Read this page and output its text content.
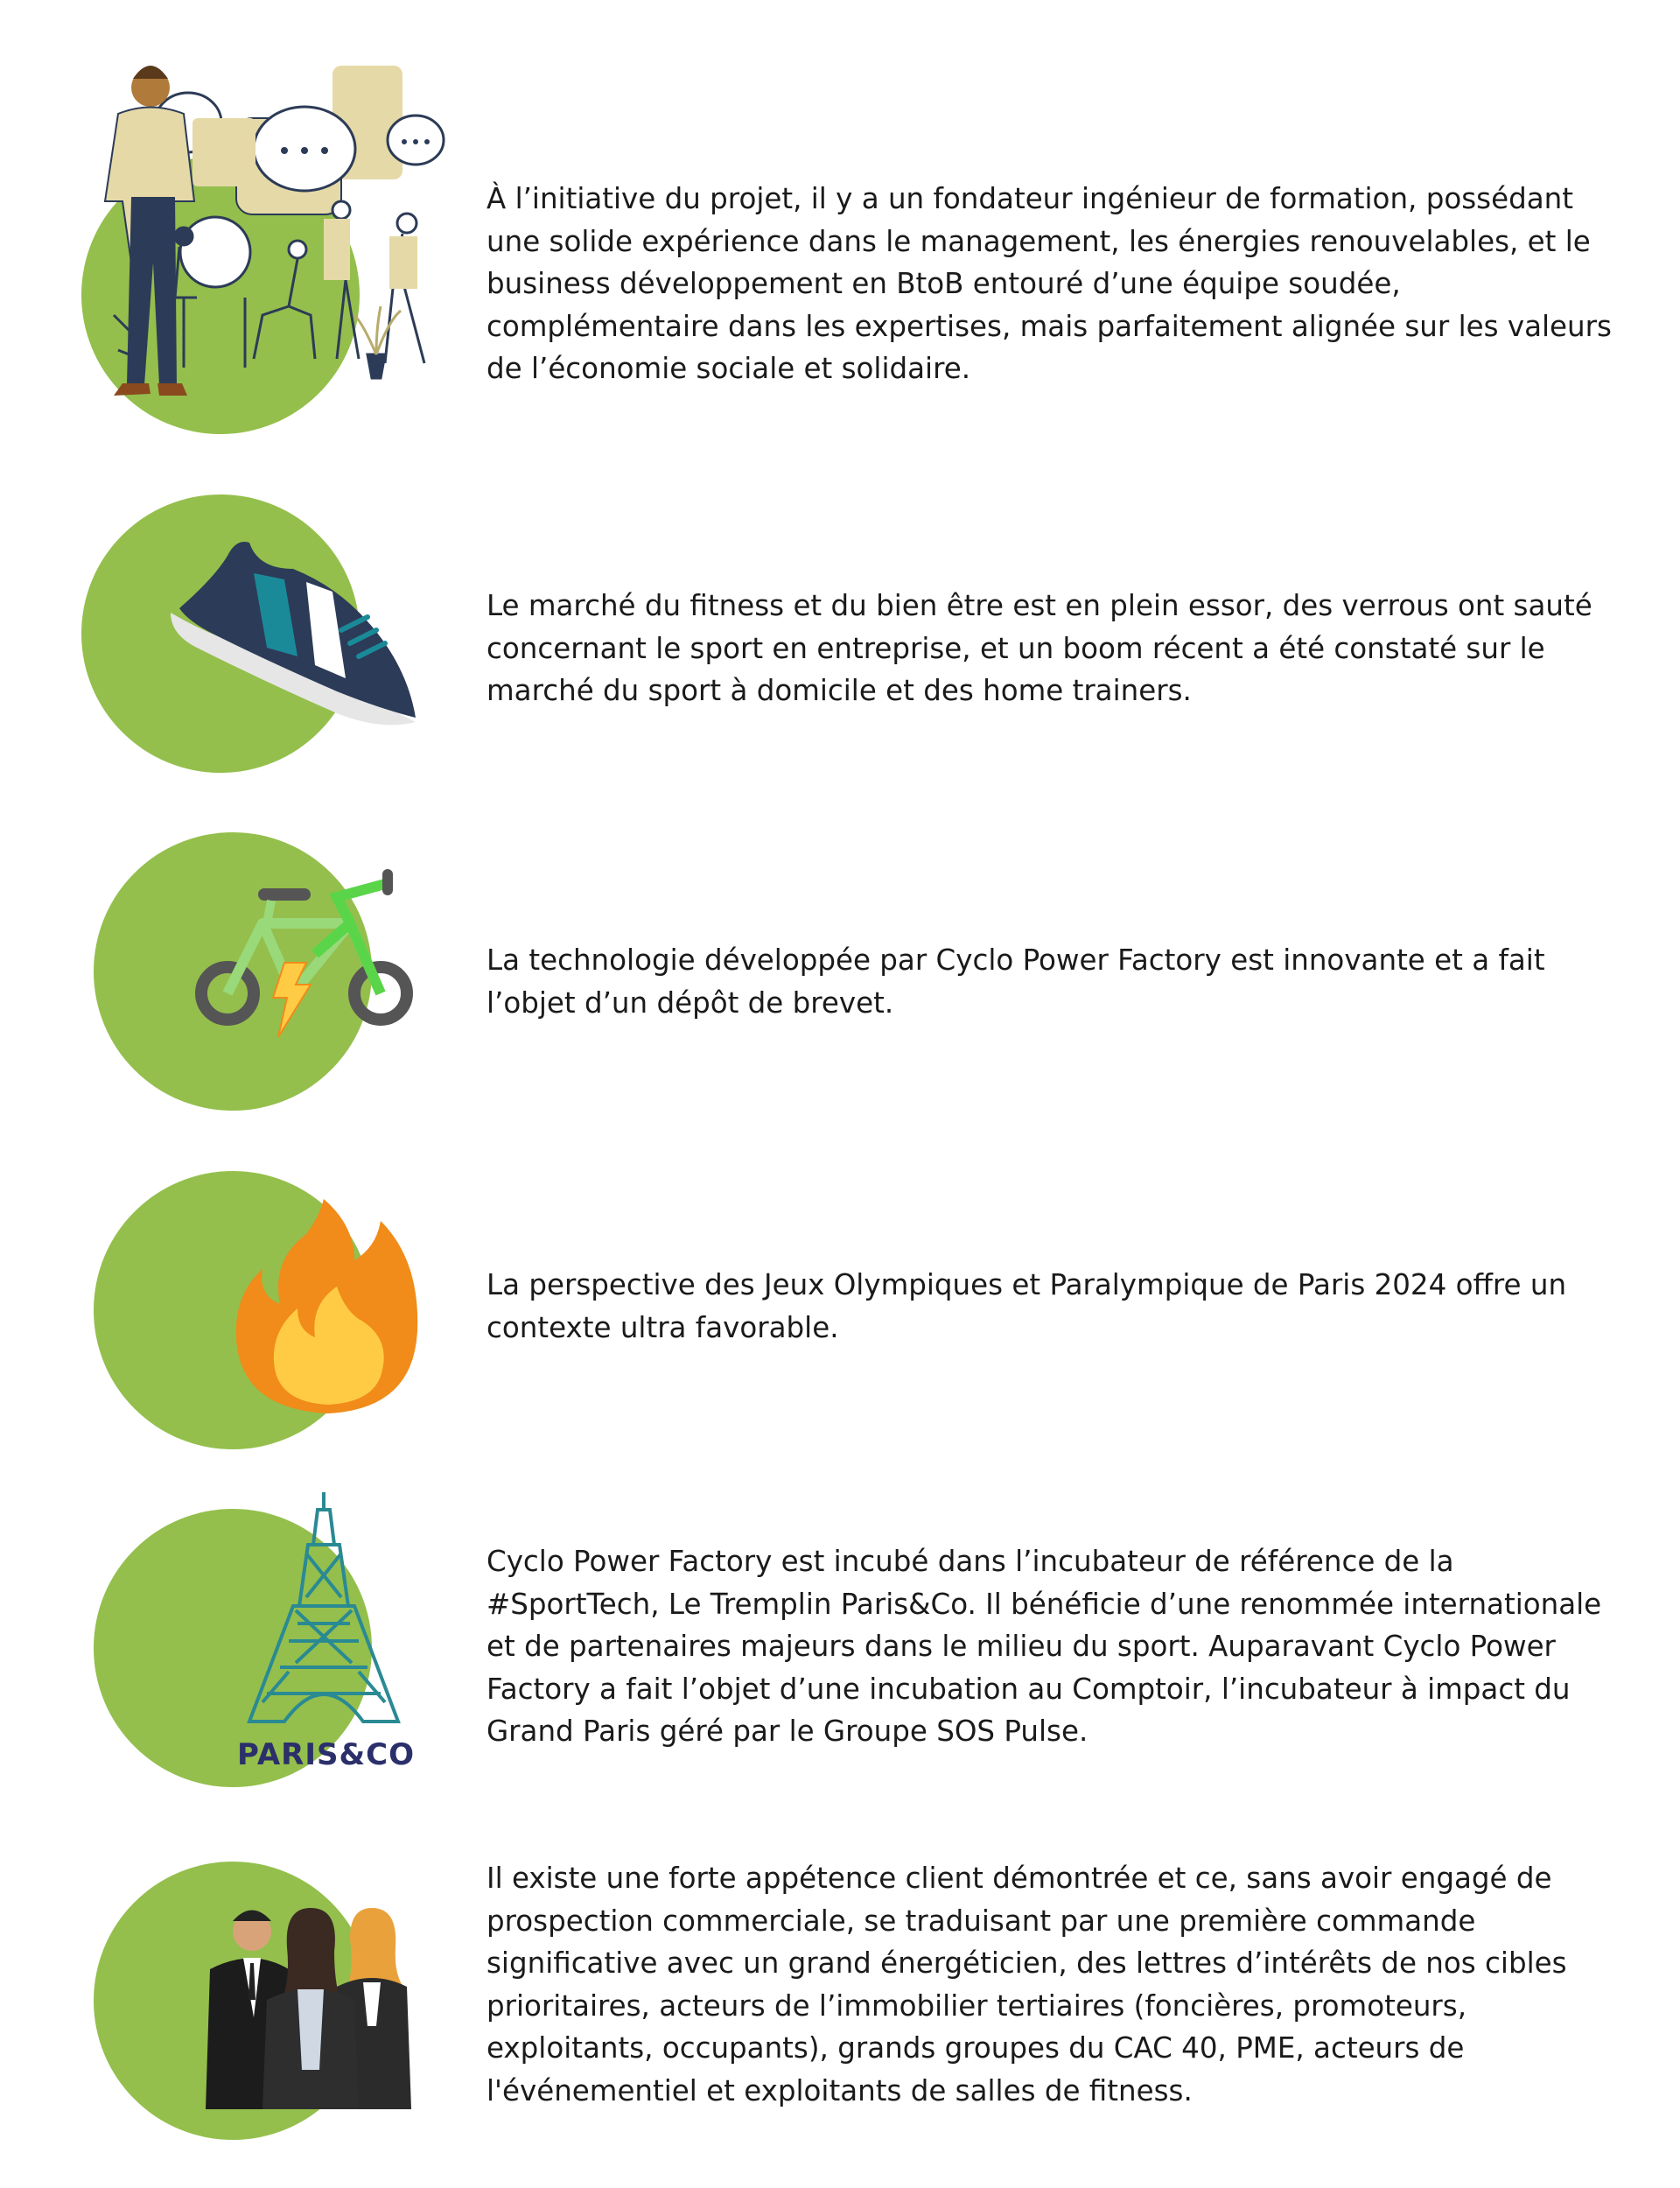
À l’initiative du projet, il y a un fondateur ingénieur de formation, possédant une solide expérience dans le management, les énergies renouvelables, et le business développement en BtoB entouré d’une équipe soudée, complémentaire dans les expertises, mais parfaitement alignée sur les valeurs de l’économie sociale et solidaire.

Le marché du fitness et du bien être est en plein essor, des verrous ont sauté concernant le sport en entreprise, et un boom récent a été constaté sur le marché du sport à domicile et des home trainers.

La technologie développée par Cyclo Power Factory est innovante et a fait l’objet d’un dépôt de brevet.

La perspective des Jeux Olympiques et Paralympique de Paris 2024 offre un contexte ultra favorable.

PARIS&CO

Cyclo Power Factory est incubé dans l’incubateur de référence de la #SportTech, Le Tremplin Paris&Co. Il bénéficie d’une renommée internationale et de partenaires majeurs dans le milieu du sport. Auparavant Cyclo Power Factory a fait l’objet d’une incubation au Comptoir, l’incubateur à impact du Grand Paris géré par le Groupe SOS Pulse.

Il existe une forte appétence client démontrée et ce, sans avoir engagé de prospection commerciale, se traduisant par une première commande significative avec un grand énergéticien, des lettres d’intérêts de nos cibles prioritaires, acteurs de l’immobilier tertiaires (foncières, promoteurs, exploitants, occupants), grands groupes du CAC 40, PME, acteurs de l'événementiel et exploitants de salles de fitness.
